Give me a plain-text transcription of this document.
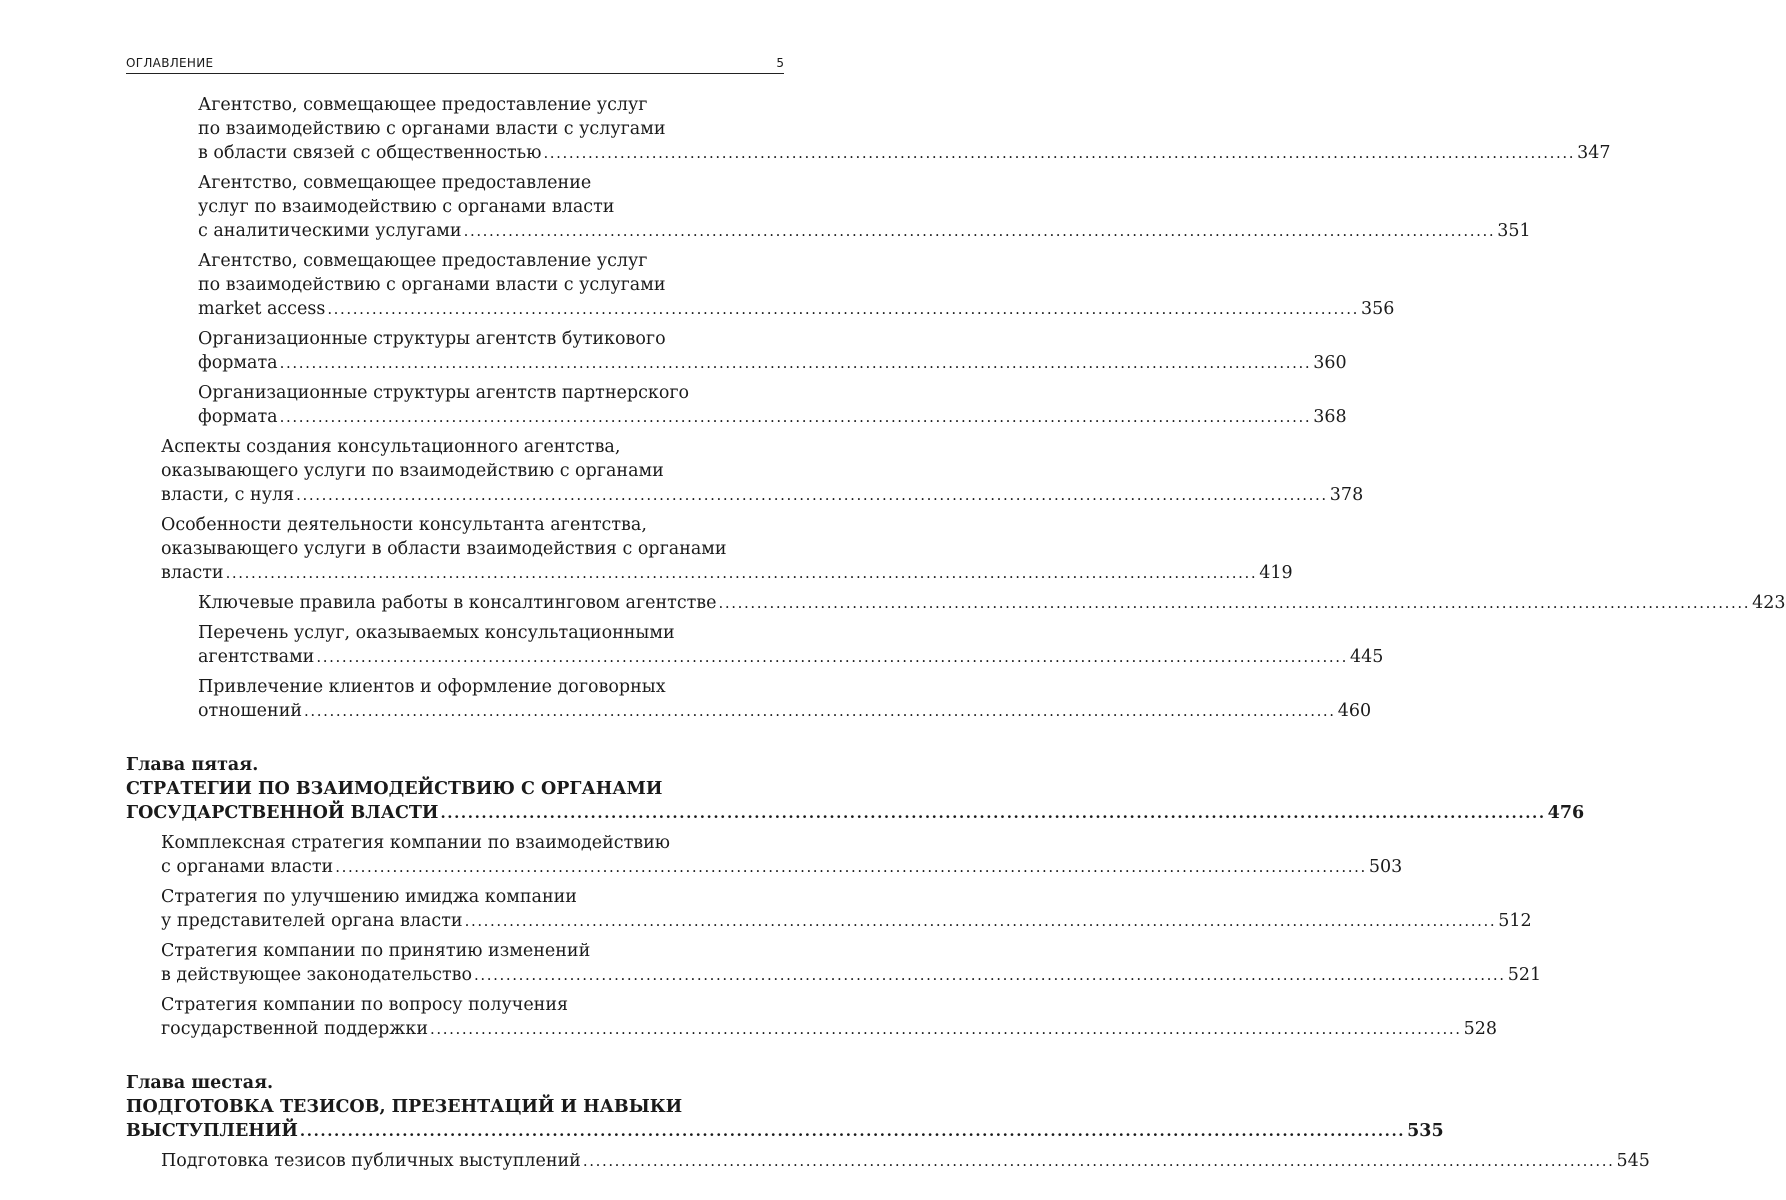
ОГЛАВЛЕНИЕ	5
Агентство, совмещающее предоставление услуг
по взаимодействию с органами власти с услугами
в области связей с общественностью .................................................................................................................................................................. 347
Агентство, совмещающее предоставление
услуг по взаимодействию с органами власти
с аналитическими услугами .................................................................................................................................................................. 351
Агентство, совмещающее предоставление услуг
по взаимодействию с органами власти с услугами
market access .................................................................................................................................................................. 356
Организационные структуры агентств бутикового
формата .................................................................................................................................................................. 360
Организационные структуры агентств партнерского
формата .................................................................................................................................................................. 368
Аспекты создания консультационного агентства,
оказывающего услуги по взаимодействию с органами
власти, с нуля .................................................................................................................................................................. 378
Особенности деятельности консультанта агентства,
оказывающего услуги в области взаимодействия с органами
власти .................................................................................................................................................................. 419
Ключевые правила работы в консалтинговом агентстве .................................................................................................................................................................. 423
Перечень услуг, оказываемых консультационными
агентствами .................................................................................................................................................................. 445
Привлечение клиентов и оформление договорных
отношений .................................................................................................................................................................. 460
Глава пятая.
СТРАТЕГИИ ПО ВЗАИМОДЕЙСТВИЮ С ОРГАНАМИ
ГОСУДАРСТВЕННОЙ ВЛАСТИ .................................................................................................................................................................. 476
Комплексная стратегия компании по взаимодействию
с органами власти .................................................................................................................................................................. 503
Стратегия по улучшению имиджа компании
у представителей органа власти .................................................................................................................................................................. 512
Стратегия компании по принятию изменений
в действующее законодательство .................................................................................................................................................................. 521
Стратегия компании по вопросу получения
государственной поддержки .................................................................................................................................................................. 528
Глава шестая.
ПОДГОТОВКА ТЕЗИСОВ, ПРЕЗЕНТАЦИЙ И НАВЫКИ
ВЫСТУПЛЕНИЙ .................................................................................................................................................................. 535
Подготовка тезисов публичных выступлений .................................................................................................................................................................. 545
